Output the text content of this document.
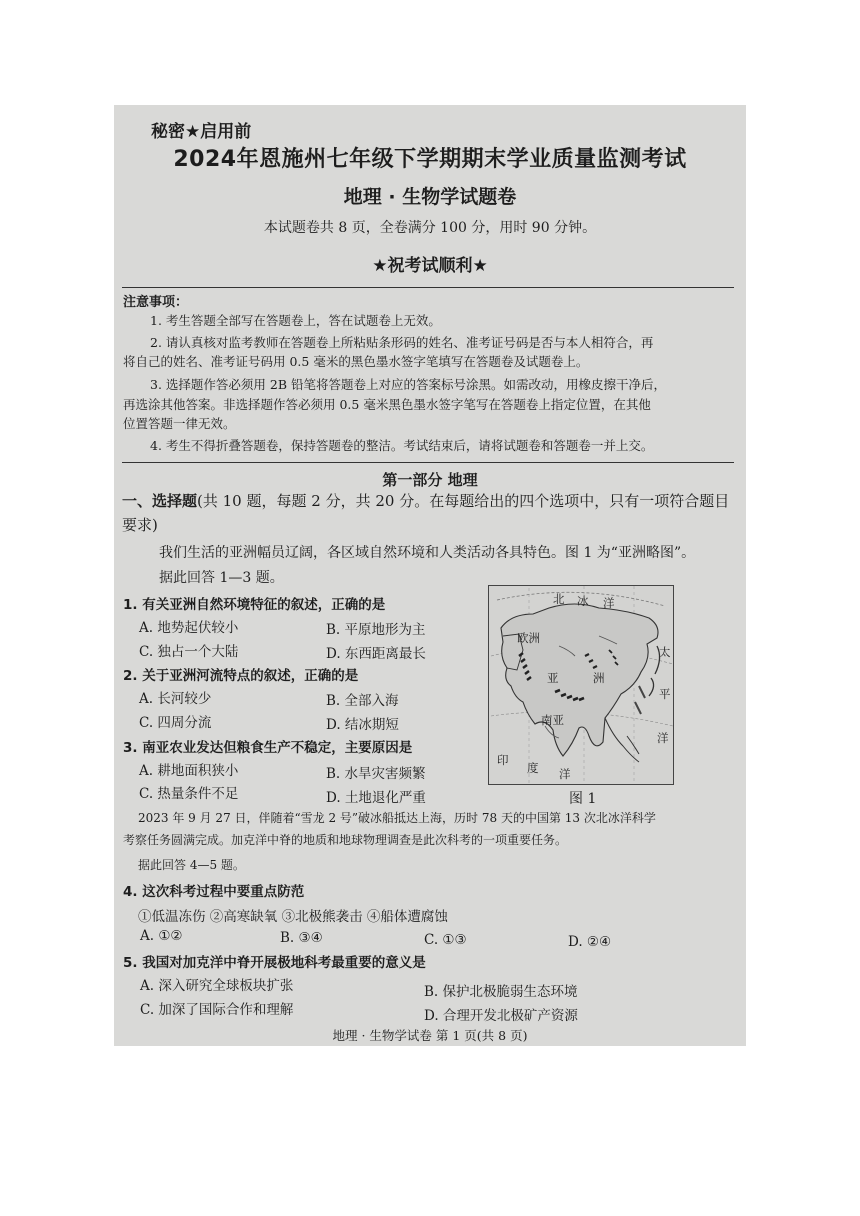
秘密★启用前
2024年恩施州七年级下学期期末学业质量监测考试
地理 · 生物学试题卷
本试题卷共 8 页，全卷满分 100 分，用时 90 分钟。
★祝考试顺利★
注意事项：
1. 考生答题全部写在答题卷上，答在试题卷上无效。
2. 请认真核对监考教师在答题卷上所粘贴条形码的姓名、准考证号码是否与本人相符合，再
将自己的姓名、准考证号码用 0.5 毫米的黑色墨水签字笔填写在答题卷及试题卷上。
3. 选择题作答必须用 2B 铅笔将答题卷上对应的答案标号涂黑。如需改动，用橡皮擦干净后，
再选涂其他答案。非选择题作答必须用 0.5 毫米黑色墨水签字笔写在答题卷上指定位置，在其他
位置答题一律无效。
4. 考生不得折叠答题卷，保持答题卷的整洁。考试结束后，请将试题卷和答题卷一并上交。
第一部分 地理
一、选择题(共 10 题，每题 2 分，共 20 分。在每题给出的四个选项中，只有一项符合题目要求)
我们生活的亚洲幅员辽阔，各区域自然环境和人类活动各具特色。图 1 为“亚洲略图”。
据此回答 1—3 题。
1. 有关亚洲自然环境特征的叙述，正确的是
A. 地势起伏较小	B. 平原地形为主
C. 独占一个大陆	D. 东西距离最长
2. 关于亚洲河流特点的叙述，正确的是
A. 长河较少	B. 全部入海
C. 四周分流	D. 结冰期短
3. 南亚农业发达但粮食生产不稳定，主要原因是
A. 耕地面积狭小	B. 水旱灾害频繁
C. 热量条件不足	D. 土地退化严重
北 冰 洋
欧洲
亚	洲
南亚
太
平
洋
印
度 洋
图 1
2023 年 9 月 27 日，伴随着“雪龙 2 号”破冰船抵达上海，历时 78 天的中国第 13 次北冰洋科学
考察任务圆满完成。加克洋中脊的地质和地球物理调查是此次科考的一项重要任务。
据此回答 4—5 题。
4. 这次科考过程中要重点防范
①低温冻伤 ②高寒缺氧 ③北极熊袭击 ④船体遭腐蚀
A. ①②	B. ③④	C. ①③	D. ②④
5. 我国对加克洋中脊开展极地科考最重要的意义是
A. 深入研究全球板块扩张	B. 保护北极脆弱生态环境
C. 加深了国际合作和理解	D. 合理开发北极矿产资源
地理 · 生物学试卷 第 1 页(共 8 页)
